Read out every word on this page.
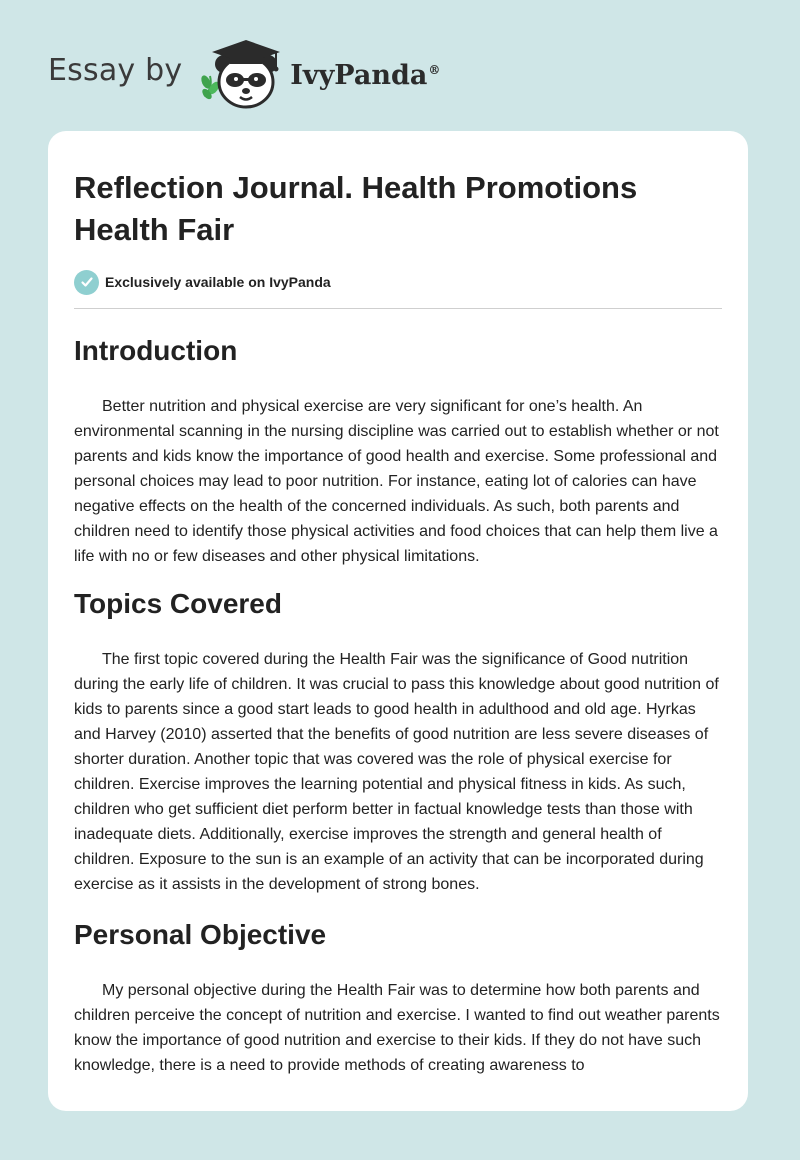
Essay by	IvyPanda®
Reflection Journal. Health Promotions Health Fair
Exclusively available on IvyPanda
Introduction

Better nutrition and physical exercise are very significant for one’s health. An environmental scanning in the nursing discipline was carried out to establish whether or not parents and kids know the importance of good health and exercise. Some professional and personal choices may lead to poor nutrition. For instance, eating lot of calories can have negative effects on the health of the concerned individuals. As such, both parents and children need to identify those physical activities and food choices that can help them live a life with no or few diseases and other physical limitations.

Topics Covered

The first topic covered during the Health Fair was the significance of Good nutrition during the early life of children. It was crucial to pass this knowledge about good nutrition of kids to parents since a good start leads to good health in adulthood and old age. Hyrkas and Harvey (2010) asserted that the benefits of good nutrition are less severe diseases of shorter duration. Another topic that was covered was the role of physical exercise for children. Exercise improves the learning potential and physical fitness in kids. As such, children who get sufficient diet perform better in factual knowledge tests than those with inadequate diets. Additionally, exercise improves the strength and general health of children. Exposure to the sun is an example of an activity that can be incorporated during exercise as it assists in the development of strong bones.

Personal Objective

My personal objective during the Health Fair was to determine how both parents and children perceive the concept of nutrition and exercise. I wanted to find out weather parents know the importance of good nutrition and exercise to their kids. If they do not have such knowledge, there is a need to provide methods of creating awareness to
